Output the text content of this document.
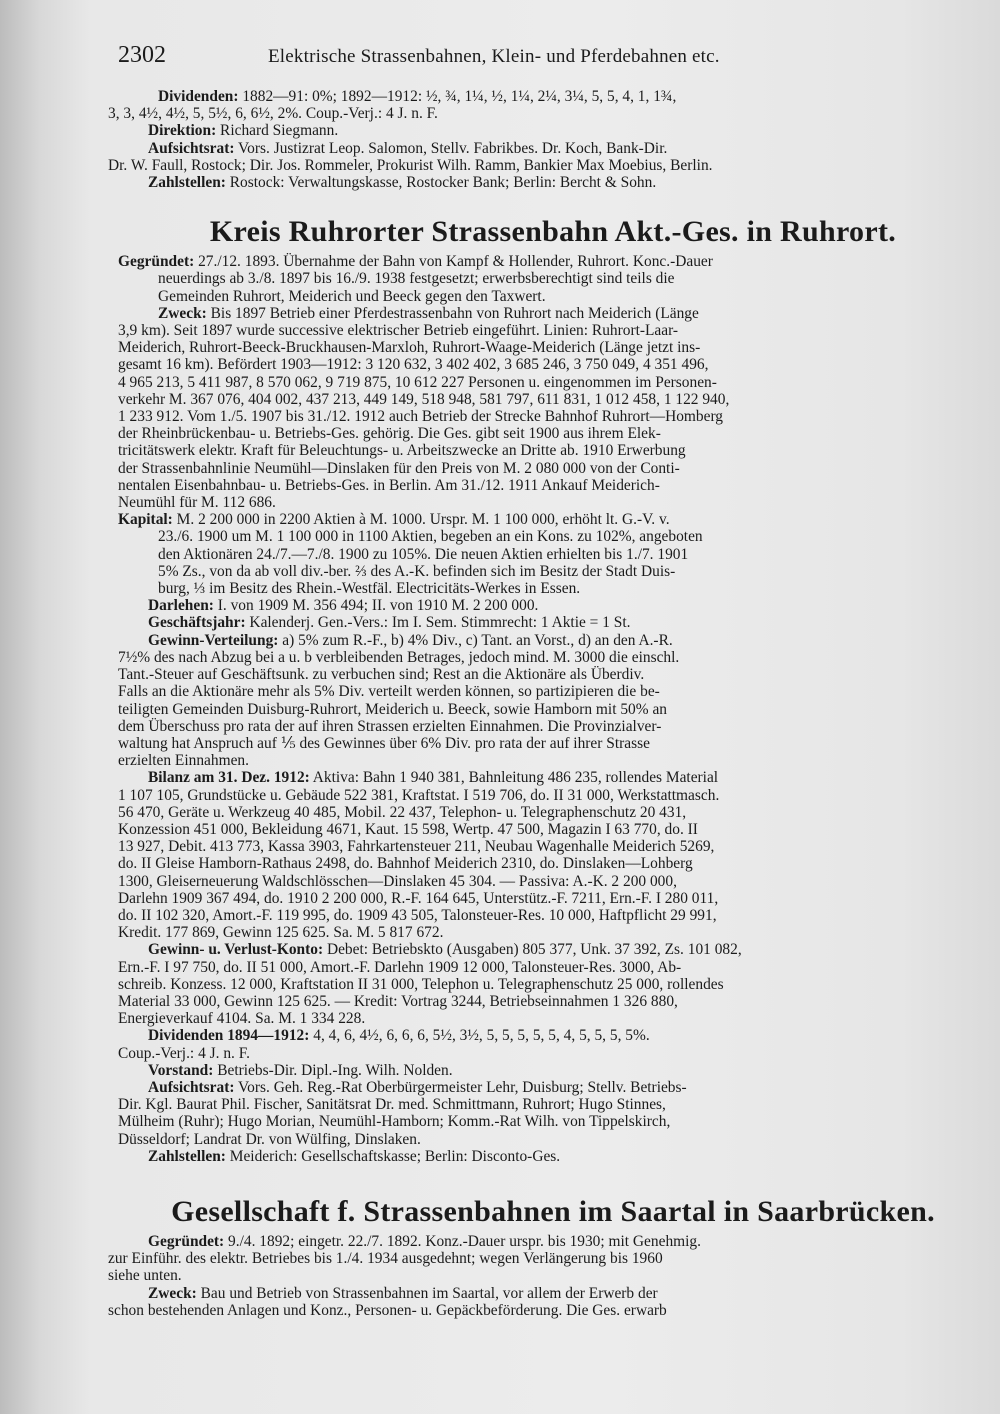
2302	Elektrische Strassenbahnen, Klein- und Pferdebahnen etc.
Dividenden: 1882—91: 0%; 1892—1912: ½, ¾, 1¼, ½, 1¼, 2¼, 3¼, 5, 5, 4, 1, 1¾,
3, 3, 4½, 4½, 5, 5½, 6, 6½, 2%. Coup.-Verj.: 4 J. n. F.
Direktion: Richard Siegmann.
Aufsichtsrat: Vors. Justizrat Leop. Salomon, Stellv. Fabrikbes. Dr. Koch, Bank-Dir.
Dr. W. Faull, Rostock; Dir. Jos. Rommeler, Prokurist Wilh. Ramm, Bankier Max Moebius, Berlin.
Zahlstellen: Rostock: Verwaltungskasse, Rostocker Bank; Berlin: Bercht & Sohn.
Kreis Ruhrorter Strassenbahn Akt.-Ges. in Ruhrort.
Gegründet: 27./12. 1893. Übernahme der Bahn von Kampf & Hollender, Ruhrort. Konc.-Dauer
neuerdings ab 3./8. 1897 bis 16./9. 1938 festgesetzt; erwerbsberechtigt sind teils die
Gemeinden Ruhrort, Meiderich und Beeck gegen den Taxwert.
Zweck: Bis 1897 Betrieb einer Pferdestrassenbahn von Ruhrort nach Meiderich (Länge
3,9 km). Seit 1897 wurde successive elektrischer Betrieb eingeführt. Linien: Ruhrort-Laar-
Meiderich, Ruhrort-Beeck-Bruckhausen-Marxloh, Ruhrort-Waage-Meiderich (Länge jetzt ins-
gesamt 16 km). Befördert 1903—1912: 3 120 632, 3 402 402, 3 685 246, 3 750 049, 4 351 496,
4 965 213, 5 411 987, 8 570 062, 9 719 875, 10 612 227 Personen u. eingenommen im Personen-
verkehr M. 367 076, 404 002, 437 213, 449 149, 518 948, 581 797, 611 831, 1 012 458, 1 122 940,
1 233 912. Vom 1./5. 1907 bis 31./12. 1912 auch Betrieb der Strecke Bahnhof Ruhrort—Homberg
der Rheinbrückenbau- u. Betriebs-Ges. gehörig. Die Ges. gibt seit 1900 aus ihrem Elek-
tricitätswerk elektr. Kraft für Beleuchtungs- u. Arbeitszwecke an Dritte ab. 1910 Erwerbung
der Strassenbahnlinie Neumühl—Dinslaken für den Preis von M. 2 080 000 von der Conti-
nentalen Eisenbahnbau- u. Betriebs-Ges. in Berlin. Am 31./12. 1911 Ankauf Meiderich-
Neumühl für M. 112 686.
Kapital: M. 2 200 000 in 2200 Aktien à M. 1000. Urspr. M. 1 100 000, erhöht lt. G.-V. v.
23./6. 1900 um M. 1 100 000 in 1100 Aktien, begeben an ein Kons. zu 102%, angeboten
den Aktionären 24./7.—7./8. 1900 zu 105%. Die neuen Aktien erhielten bis 1./7. 1901
5% Zs., von da ab voll div.-ber. ⅔ des A.-K. befinden sich im Besitz der Stadt Duis-
burg, ⅓ im Besitz des Rhein.-Westfäl. Electricitäts-Werkes in Essen.
Darlehen: I. von 1909 M. 356 494; II. von 1910 M. 2 200 000.
Geschäftsjahr: Kalenderj. Gen.-Vers.: Im I. Sem. Stimmrecht: 1 Aktie = 1 St.
Gewinn-Verteilung: a) 5% zum R.-F., b) 4% Div., c) Tant. an Vorst., d) an den A.-R.
7½% des nach Abzug bei a u. b verbleibenden Betrages, jedoch mind. M. 3000 die einschl.
Tant.-Steuer auf Geschäftsunk. zu verbuchen sind; Rest an die Aktionäre als Überdiv.
Falls an die Aktionäre mehr als 5% Div. verteilt werden können, so partizipieren die be-
teiligten Gemeinden Duisburg-Ruhrort, Meiderich u. Beeck, sowie Hamborn mit 50% an
dem Überschuss pro rata der auf ihren Strassen erzielten Einnahmen. Die Provinzialver-
waltung hat Anspruch auf ⅕ des Gewinnes über 6% Div. pro rata der auf ihrer Strasse
erzielten Einnahmen.
Bilanz am 31. Dez. 1912: Aktiva: Bahn 1 940 381, Bahnleitung 486 235, rollendes Material
1 107 105, Grundstücke u. Gebäude 522 381, Kraftstat. I 519 706, do. II 31 000, Werkstattmasch.
56 470, Geräte u. Werkzeug 40 485, Mobil. 22 437, Telephon- u. Telegraphenschutz 20 431,
Konzession 451 000, Bekleidung 4671, Kaut. 15 598, Wertp. 47 500, Magazin I 63 770, do. II
13 927, Debit. 413 773, Kassa 3903, Fahrkartensteuer 211, Neubau Wagenhalle Meiderich 5269,
do. II Gleise Hamborn-Rathaus 2498, do. Bahnhof Meiderich 2310, do. Dinslaken—Lohberg
1300, Gleiserneuerung Waldschlösschen—Dinslaken 45 304. — Passiva: A.-K. 2 200 000,
Darlehn 1909 367 494, do. 1910 2 200 000, R.-F. 164 645, Unterstütz.-F. 7211, Ern.-F. I 280 011,
do. II 102 320, Amort.-F. 119 995, do. 1909 43 505, Talonsteuer-Res. 10 000, Haftpflicht 29 991,
Kredit. 177 869, Gewinn 125 625. Sa. M. 5 817 672.
Gewinn- u. Verlust-Konto: Debet: Betriebskto (Ausgaben) 805 377, Unk. 37 392, Zs. 101 082,
Ern.-F. I 97 750, do. II 51 000, Amort.-F. Darlehn 1909 12 000, Talonsteuer-Res. 3000, Ab-
schreib. Konzess. 12 000, Kraftstation II 31 000, Telephon u. Telegraphenschutz 25 000, rollendes
Material 33 000, Gewinn 125 625. — Kredit: Vortrag 3244, Betriebseinnahmen 1 326 880,
Energieverkauf 4104. Sa. M. 1 334 228.
Dividenden 1894—1912: 4, 4, 6, 4½, 6, 6, 6, 5½, 3½, 5, 5, 5, 5, 5, 4, 5, 5, 5, 5%.
Coup.-Verj.: 4 J. n. F.
Vorstand: Betriebs-Dir. Dipl.-Ing. Wilh. Nolden.
Aufsichtsrat: Vors. Geh. Reg.-Rat Oberbürgermeister Lehr, Duisburg; Stellv. Betriebs-
Dir. Kgl. Baurat Phil. Fischer, Sanitätsrat Dr. med. Schmittmann, Ruhrort; Hugo Stinnes,
Mülheim (Ruhr); Hugo Morian, Neumühl-Hamborn; Komm.-Rat Wilh. von Tippelskirch,
Düsseldorf; Landrat Dr. von Wülfing, Dinslaken.
Zahlstellen: Meiderich: Gesellschaftskasse; Berlin: Disconto-Ges.
Gesellschaft f. Strassenbahnen im Saartal in Saarbrücken.
Gegründet: 9./4. 1892; eingetr. 22./7. 1892. Konz.-Dauer urspr. bis 1930; mit Genehmig.
zur Einführ. des elektr. Betriebes bis 1./4. 1934 ausgedehnt; wegen Verlängerung bis 1960
siehe unten.
Zweck: Bau und Betrieb von Strassenbahnen im Saartal, vor allem der Erwerb der
schon bestehenden Anlagen und Konz., Personen- u. Gepäckbeförderung. Die Ges. erwarb
